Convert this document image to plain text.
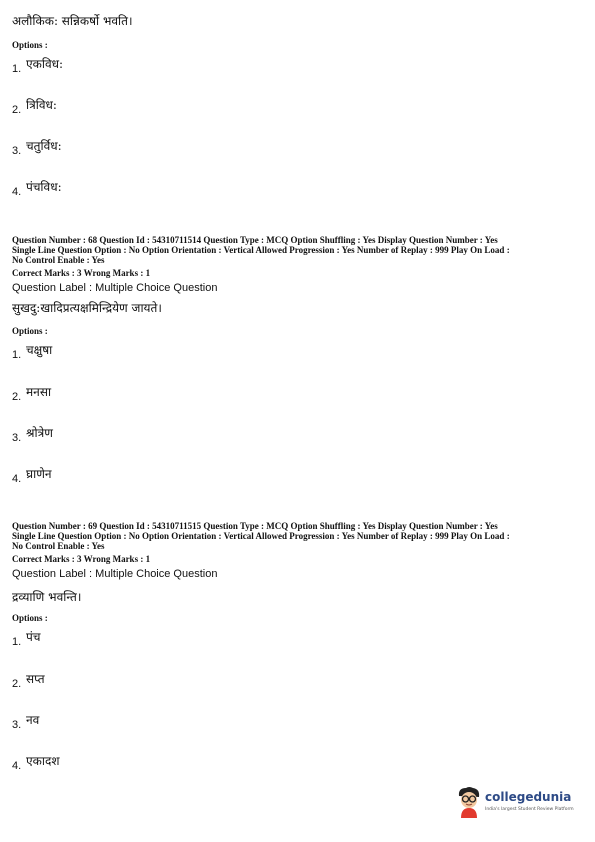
अलौकिक: सन्निकर्षो भवति।
Options :
1. एकविध:
2. त्रिविध:
3. चतुर्विध:
4. पंचविध:
Question Number : 68 Question Id : 54310711514 Question Type : MCQ Option Shuffling : Yes Display Question Number : Yes
Single Line Question Option : No Option Orientation : Vertical Allowed Progression : Yes Number of Replay : 999 Play On Load :
No Control Enable : Yes
Correct Marks : 3 Wrong Marks : 1
Question Label : Multiple Choice Question
सुखदु:खादिप्रत्यक्षमिन्द्रियेण जायते।
Options :
1. चक्षुषा
2. मनसा
3. श्रोत्रेण
4. घ्राणेन
Question Number : 69 Question Id : 54310711515 Question Type : MCQ Option Shuffling : Yes Display Question Number : Yes
Single Line Question Option : No Option Orientation : Vertical Allowed Progression : Yes Number of Replay : 999 Play On Load :
No Control Enable : Yes
Correct Marks : 3 Wrong Marks : 1
Question Label : Multiple Choice Question
द्रव्याणि भवन्ति।
Options :
1. पंच
2. सप्त
3. नव
4. एकादश
collegedunia
India's largest Student Review Platform
